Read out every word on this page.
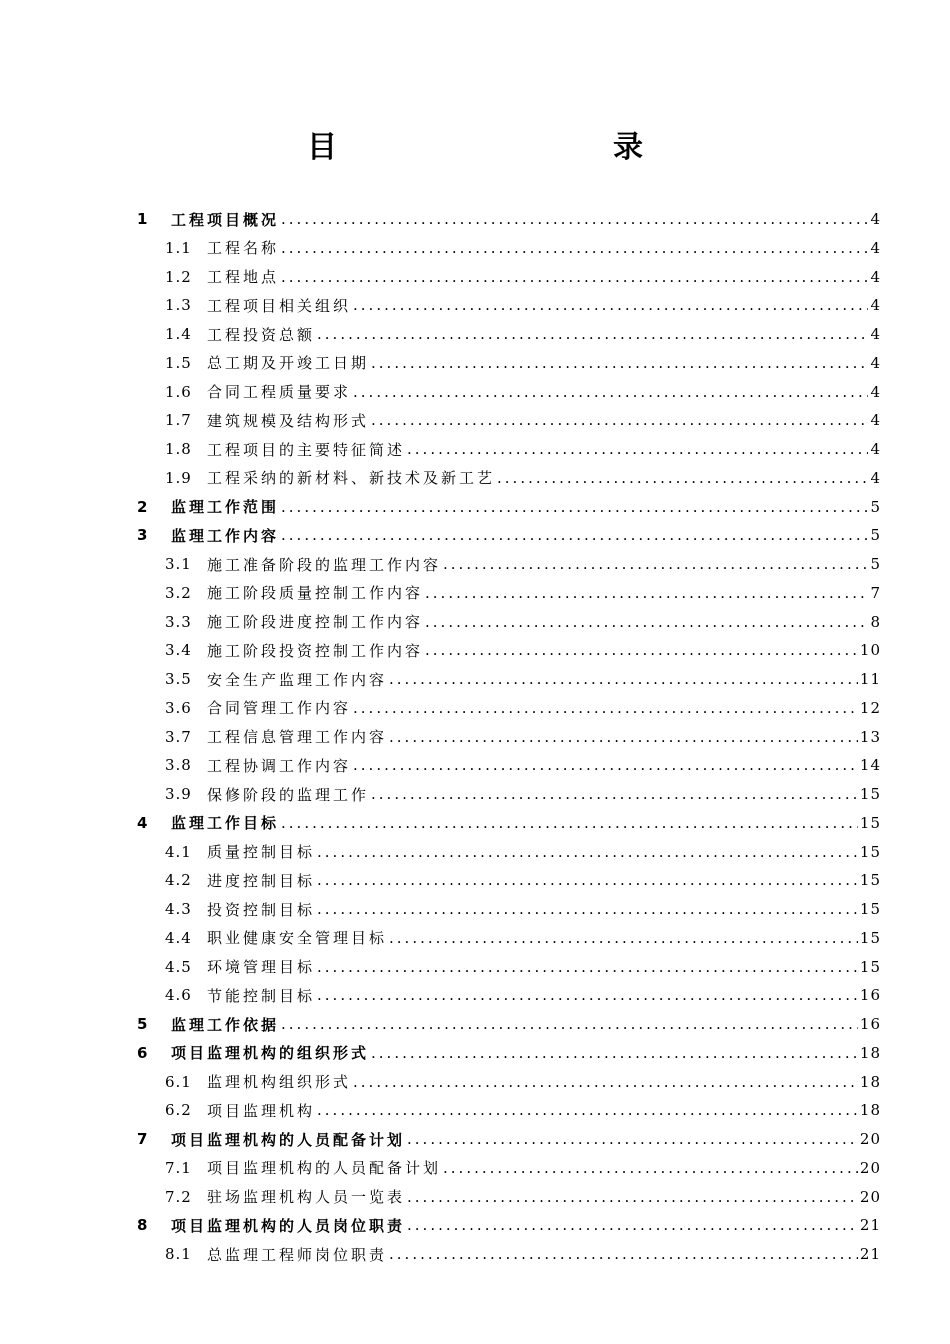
目　　录
1	工程项目概况 .....	4
1.1	工程名称 .....	4
1.2	工程地点 .....	4
1.3	工程项目相关组织 .....	4
1.4	工程投资总额 .....	4
1.5	总工期及开竣工日期 .....	4
1.6	合同工程质量要求 .....	4
1.7	建筑规模及结构形式 .....	4
1.8	工程项目的主要特征简述 .....	4
1.9	工程采纳的新材料、新技术及新工艺 .....	4
2	监理工作范围 .....	5
3	监理工作内容 .....	5
3.1	施工准备阶段的监理工作内容 .....	5
3.2	施工阶段质量控制工作内容 .....	7
3.3	施工阶段进度控制工作内容 .....	8
3.4	施工阶段投资控制工作内容 .....	10
3.5	安全生产监理工作内容 .....	11
3.6	合同管理工作内容 .....	12
3.7	工程信息管理工作内容 .....	13
3.8	工程协调工作内容 .....	14
3.9	保修阶段的监理工作 .....	15
4	监理工作目标 .....	15
4.1	质量控制目标 .....	15
4.2	进度控制目标 .....	15
4.3	投资控制目标 .....	15
4.4	职业健康安全管理目标 .....	15
4.5	环境管理目标 .....	15
4.6	节能控制目标 .....	16
5	监理工作依据 .....	16
6	项目监理机构的组织形式 .....	18
6.1	监理机构组织形式 .....	18
6.2	项目监理机构 .....	18
7	项目监理机构的人员配备计划 .....	20
7.1	项目监理机构的人员配备计划 .....	20
7.2	驻场监理机构人员一览表 .....	20
8	项目监理机构的人员岗位职责 .....	21
8.1	总监理工程师岗位职责 .....	21
